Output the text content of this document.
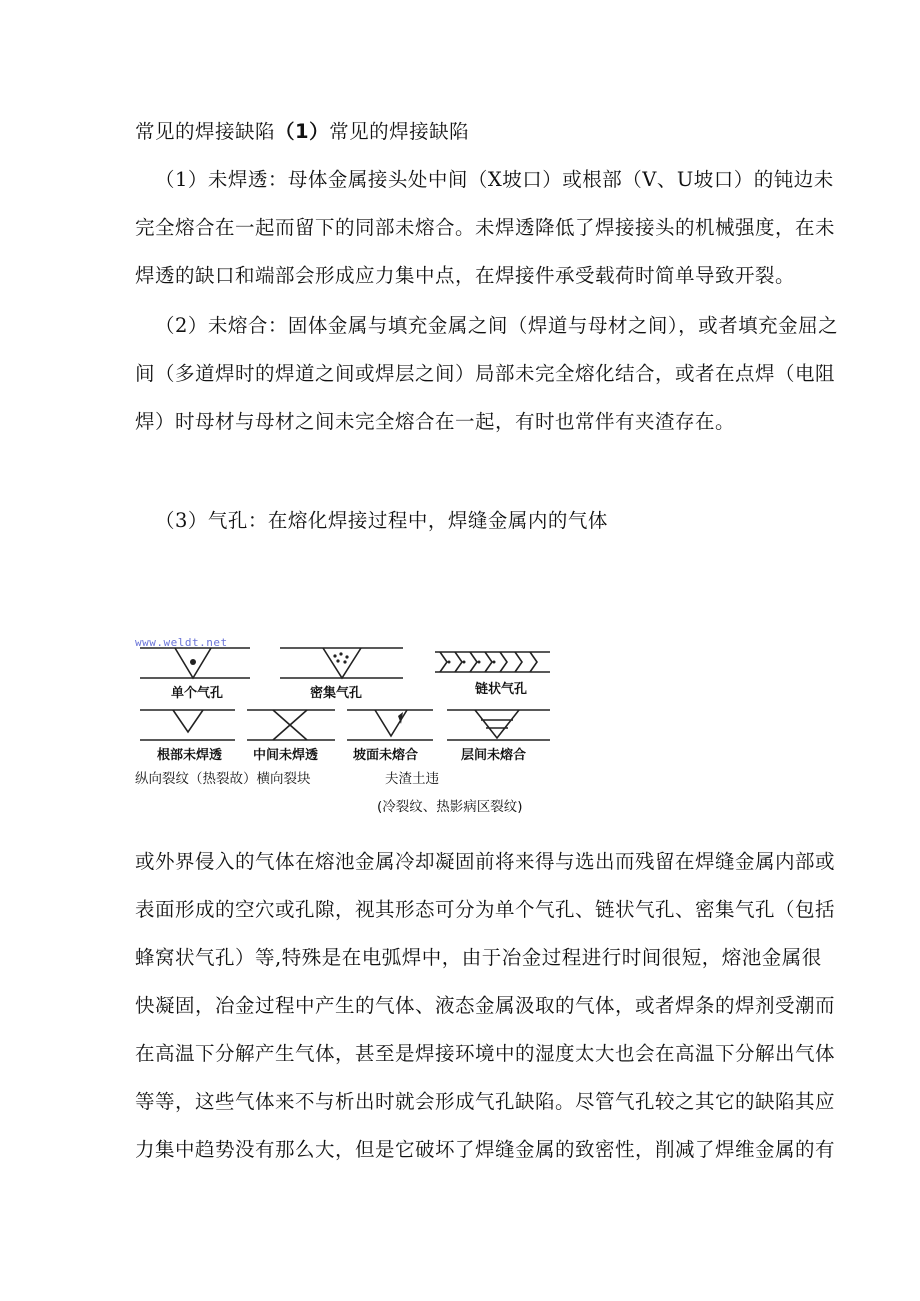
常见的焊接缺陷（1）常见的焊接缺陷
（1）未焊透：母体金属接头处中间（X坡口）或根部（V、U坡口）的钝边未
完全熔合在一起而留下的同部未熔合。未焊透降低了焊接接头的机械强度，在未
焊透的缺口和端部会形成应力集中点，在焊接件承受载荷时简单导致开裂。
（2）未熔合：固体金属与填充金属之间（焊道与母材之间），或者填充金屈之
间（多道焊时的焊道之间或焊层之间）局部未完全熔化结合，或者在点焊（电阻
焊）时母材与母材之间未完全熔合在一起，有时也常伴有夹渣存在。
（3）气孔：在熔化焊接过程中，焊缝金属内的气体
www.weldt.net
单个气孔	密集气孔	链状气孔
根部未焊透 中间未焊透	坡面未熔合	层间未熔合
纵向裂纹（热裂故）横向裂块	夫渣土违
(冷裂纹、热影病区裂纹)
或外界侵入的气体在熔池金属冷却凝固前将来得与选出而残留在焊缝金属内部或
表面形成的空穴或孔隙，视其形态可分为单个气孔、链状气孔、密集气孔（包括
蜂窝状气孔）等,特殊是在电弧焊中，由于冶金过程进行时间很短，熔池金属很
快凝固，冶金过程中产生的气体、液态金属汲取的气体，或者焊条的焊剂受潮而
在高温下分解产生气体，甚至是焊接环境中的湿度太大也会在高温下分解出气体
等等，这些气体来不与析出时就会形成气孔缺陷。尽管气孔较之其它的缺陷其应
力集中趋势没有那么大，但是它破坏了焊缝金属的致密性，削减了焊维金属的有
